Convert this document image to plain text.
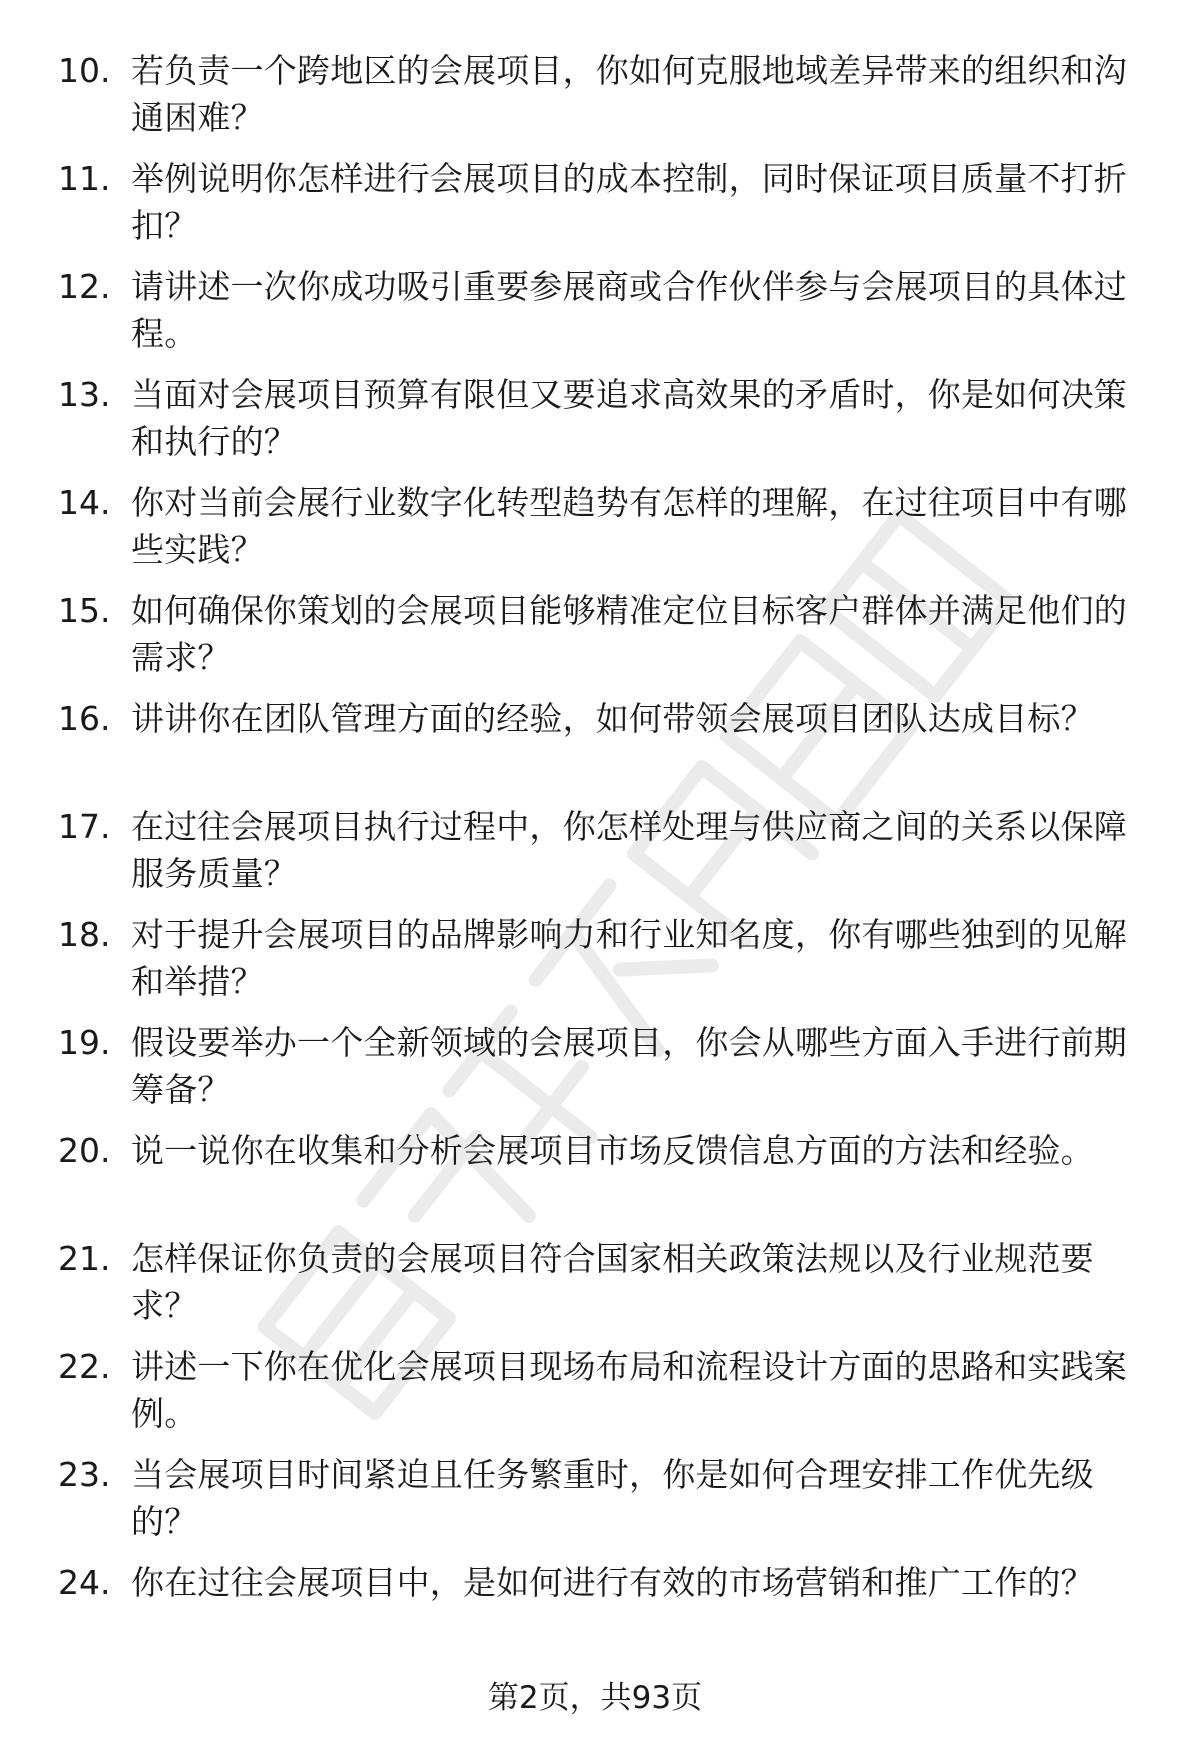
10. 若负责一个跨地区的会展项目，你如何克服地域差异带来的组织和沟通困难？
11. 举例说明你怎样进行会展项目的成本控制，同时保证项目质量不打折扣？
12. 请讲述一次你成功吸引重要参展商或合作伙伴参与会展项目的具体过程。
13. 当面对会展项目预算有限但又要追求高效果的矛盾时，你是如何决策和执行的？
14. 你对当前会展行业数字化转型趋势有怎样的理解，在过往项目中有哪些实践？
15. 如何确保你策划的会展项目能够精准定位目标客户群体并满足他们的需求？
16. 讲讲你在团队管理方面的经验，如何带领会展项目团队达成目标？
17. 在过往会展项目执行过程中，你怎样处理与供应商之间的关系以保障服务质量？
18. 对于提升会展项目的品牌影响力和行业知名度，你有哪些独到的见解和举措？
19. 假设要举办一个全新领域的会展项目，你会从哪些方面入手进行前期筹备？
20. 说一说你在收集和分析会展项目市场反馈信息方面的方法和经验。
21. 怎样保证你负责的会展项目符合国家相关政策法规以及行业规范要求？
22. 讲述一下你在优化会展项目现场布局和流程设计方面的思路和实践案例。
23. 当会展项目时间紧迫且任务繁重时，你是如何合理安排工作优先级的？
24. 你在过往会展项目中，是如何进行有效的市场营销和推广工作的？
第2页，共93页
